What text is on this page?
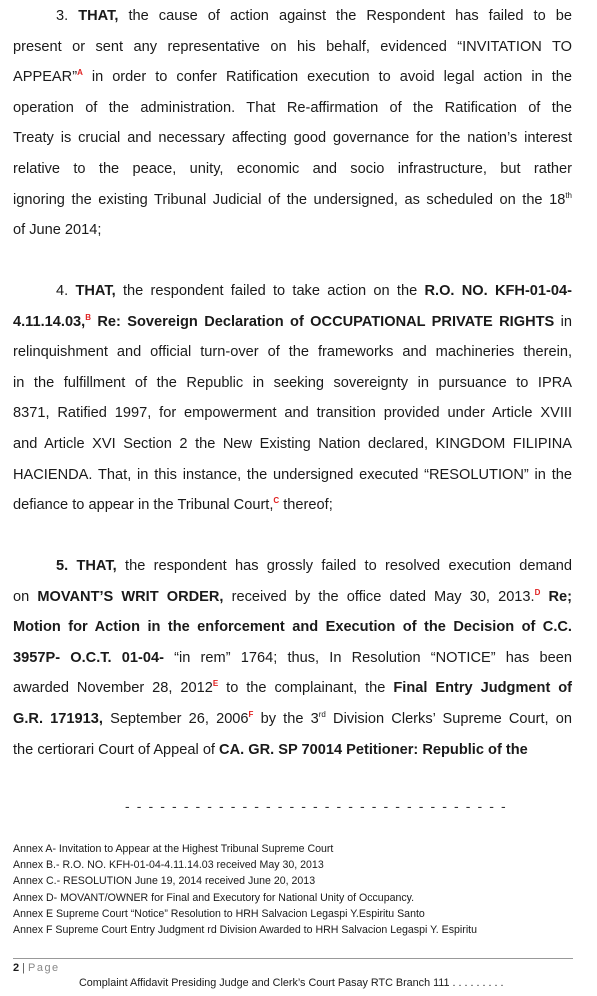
3. THAT, the cause of action against the Respondent has failed to be
present or sent any representative on his behalf, evidenced “INVITATION TO
APPEAR”$^A$ in order to confer Ratification execution to avoid legal action in the
operation of the administration. That Re-affirmation of the Ratification of the
Treaty is crucial and necessary affecting good governance for the nation’s interest
relative to the peace, unity, economic and socio infrastructure, but rather
ignoring the existing Tribunal Judicial of the undersigned, as scheduled on the 18th
of June 2014;
4. THAT, the respondent failed to take action on the R.O. NO. KFH-01-04-
4.11.14.03,$^B$ Re: Sovereign Declaration of OCCUPATIONAL PRIVATE RIGHTS in
relinquishment and official turn-over of the frameworks and machineries therein,
in the fulfillment of the Republic in seeking sovereignty in pursuance to IPRA
8371, Ratified 1997, for empowerment and transition provided under Article XVIII
and Article XVI Section 2 the New Existing Nation declared, KINGDOM FILIPINA
HACIENDA. That, in this instance, the undersigned executed “RESOLUTION” in the
defiance to appear in the Tribunal Court,$^C$ thereof;
5. THAT, the respondent has grossly failed to resolved execution demand
on MOVANT’S WRIT ORDER, received by the office dated May 30, 2013.$^D$ Re;
Motion for Action in the enforcement and Execution of the Decision of C.C.
3957P- O.C.T. 01-04- “in rem” 1764; thus, In Resolution “NOTICE” has been
awarded November 28, $2012^E$ to the complainant, the Final Entry Judgment of
G.R. 171913, September 26, $2006^F$ by the 3rd Division Clerks’ Supreme Court, on
the certiorari Court of Appeal of CA. GR. SP 70014 Petitioner: Republic of the
- - - - - - - - - - - - - - - - - - - - - - - - - - - - - - - - -
Annex A- Invitation to Appear at the Highest Tribunal Supreme Court
Annex B.- R.O. NO. KFH-01-04-4.11.14.03 received May 30, 2013
Annex C.- RESOLUTION June 19, 2014 received June 20, 2013
Annex D- MOVANT/OWNER for Final and Executory for National Unity of Occupancy.
Annex E Supreme Court “Notice” Resolution to HRH Salvacion Legaspi Y.Espiritu Santo
Annex F Supreme Court Entry Judgment rd Division Awarded to HRH Salvacion Legaspi Y. Espiritu
2 | Page
Complaint Affidavit Presiding Judge and Clerk’s Court Pasay RTC Branch 111 . . . . . . . . .
